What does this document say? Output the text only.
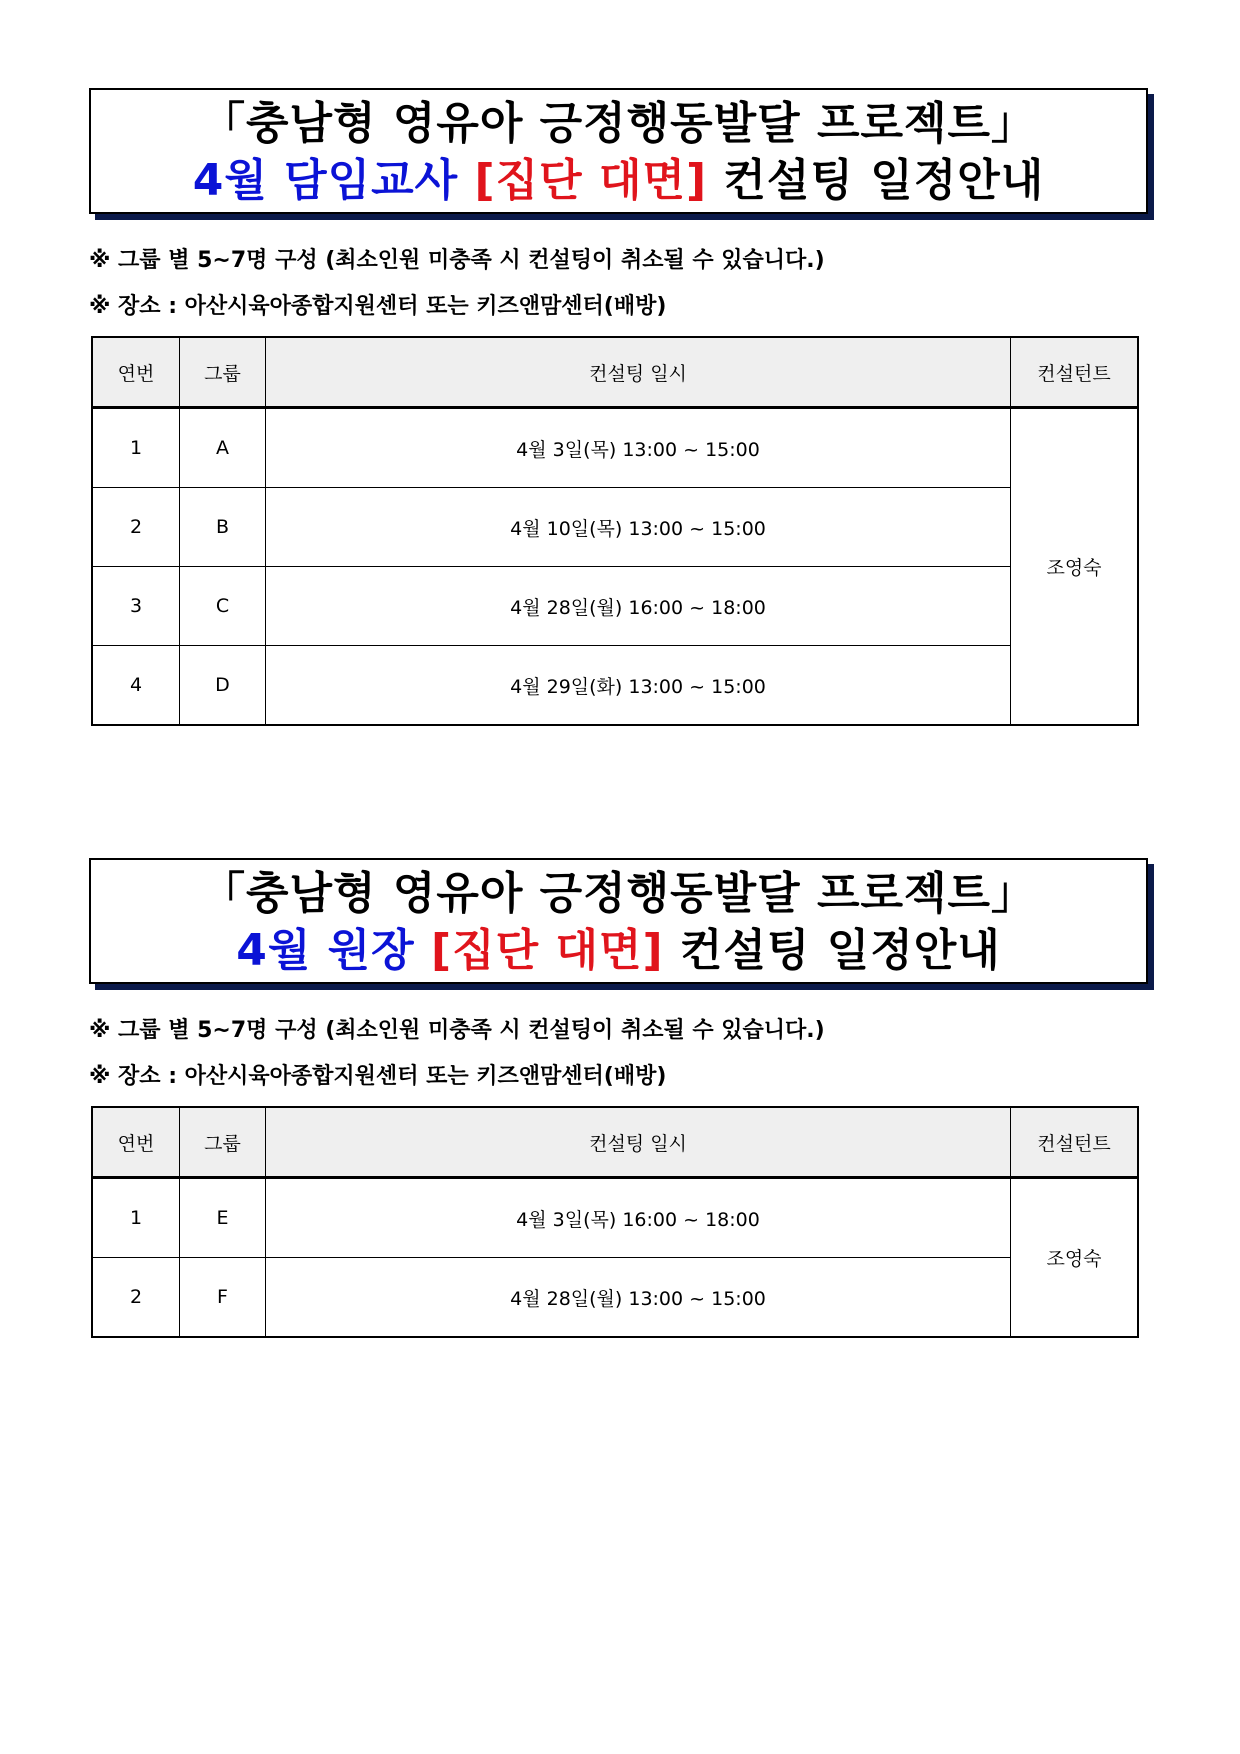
「충남형 영유아 긍정행동발달 프로젝트」
4월 담임교사 [집단 대면] 컨설팅 일정안내
※ 그룹 별 5~7명 구성 (최소인원 미충족 시 컨설팅이 취소될 수 있습니다.)
※ 장소 : 아산시육아종합지원센터 또는 키즈앤맘센터(배방)
연번	그룹	컨설팅 일시	컨설턴트
1	A	4월 3일(목) 13:00 ~ 15:00	조영숙
2	B	4월 10일(목) 13:00 ~ 15:00	
3	C	4월 28일(월) 16:00 ~ 18:00	
4	D	4월 29일(화) 13:00 ~ 15:00	
「충남형 영유아 긍정행동발달 프로젝트」
4월 원장 [집단 대면] 컨설팅 일정안내
※ 그룹 별 5~7명 구성 (최소인원 미충족 시 컨설팅이 취소될 수 있습니다.)
※ 장소 : 아산시육아종합지원센터 또는 키즈앤맘센터(배방)
연번	그룹	컨설팅 일시	컨설턴트
1	E	4월 3일(목) 16:00 ~ 18:00	조영숙
2	F	4월 28일(월) 13:00 ~ 15:00	
